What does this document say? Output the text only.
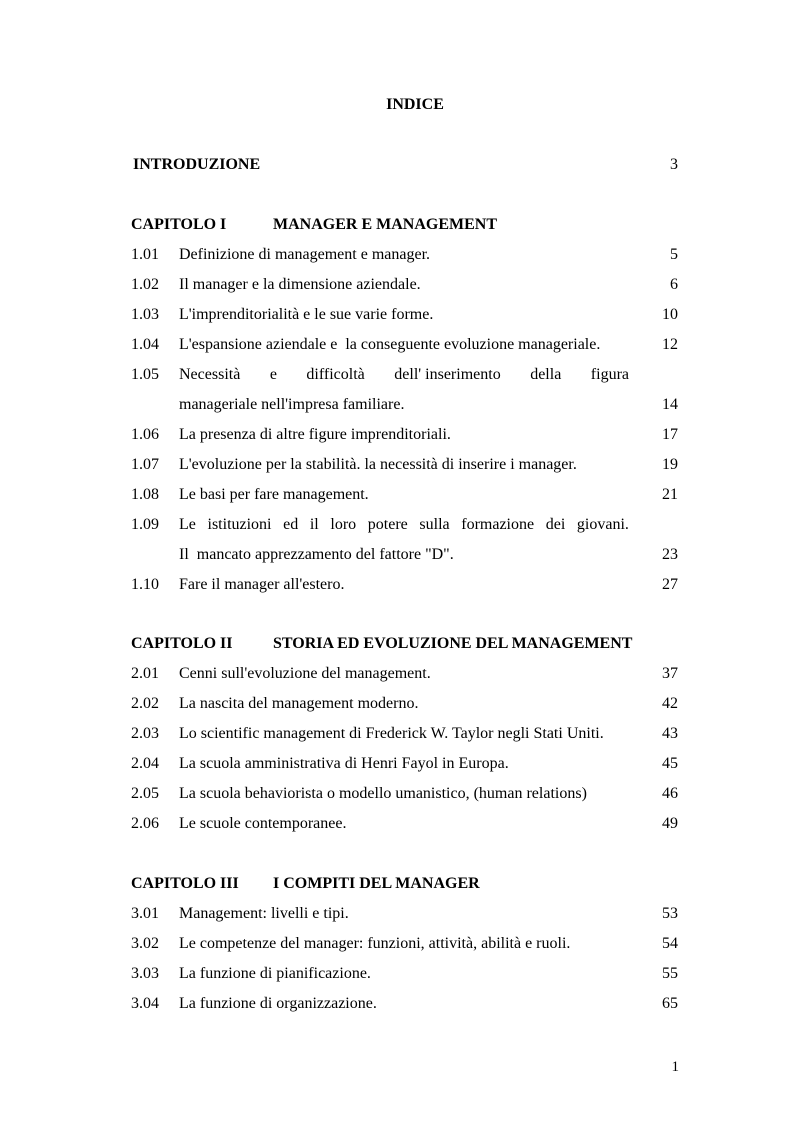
INDICE
INTRODUZIONE	3
CAPITOLO I	MANAGER E MANAGEMENT
1.01 Definizione di management e manager.	5
1.02 Il manager e la dimensione aziendale.	6
1.03 L'imprenditorialità e le sue varie forme.	10
1.04 L'espansione aziendale e  la conseguente evoluzione manageriale.	12
1.05 Necessità e difficoltà dell' inserimento della figura
manageriale nell'impresa familiare.	14
1.06 La presenza di altre figure imprenditoriali.	17
1.07 L'evoluzione per la stabilità. la necessità di inserire i manager.	19
1.08 Le basi per fare management.	21
1.09 Le istituzioni ed il loro potere sulla formazione dei giovani.
Il  mancato apprezzamento del fattore "D".	23
1.10 Fare il manager all'estero.	27
CAPITOLO II	STORIA ED EVOLUZIONE DEL MANAGEMENT
2.01 Cenni sull'evoluzione del management.	37
2.02 La nascita del management moderno.	42
2.03 Lo scientific management di Frederick W. Taylor negli Stati Uniti.	43
2.04 La scuola amministrativa di Henri Fayol in Europa.	45
2.05 La scuola behaviorista o modello umanistico, (human relations)	46
2.06 Le scuole contemporanee.	49
CAPITOLO III I COMPITI DEL MANAGER
3.01 Management: livelli e tipi.	53
3.02 Le competenze del manager: funzioni, attività, abilità e ruoli.	54
3.03 La funzione di pianificazione.	55
3.04 La funzione di organizzazione.	65
1
